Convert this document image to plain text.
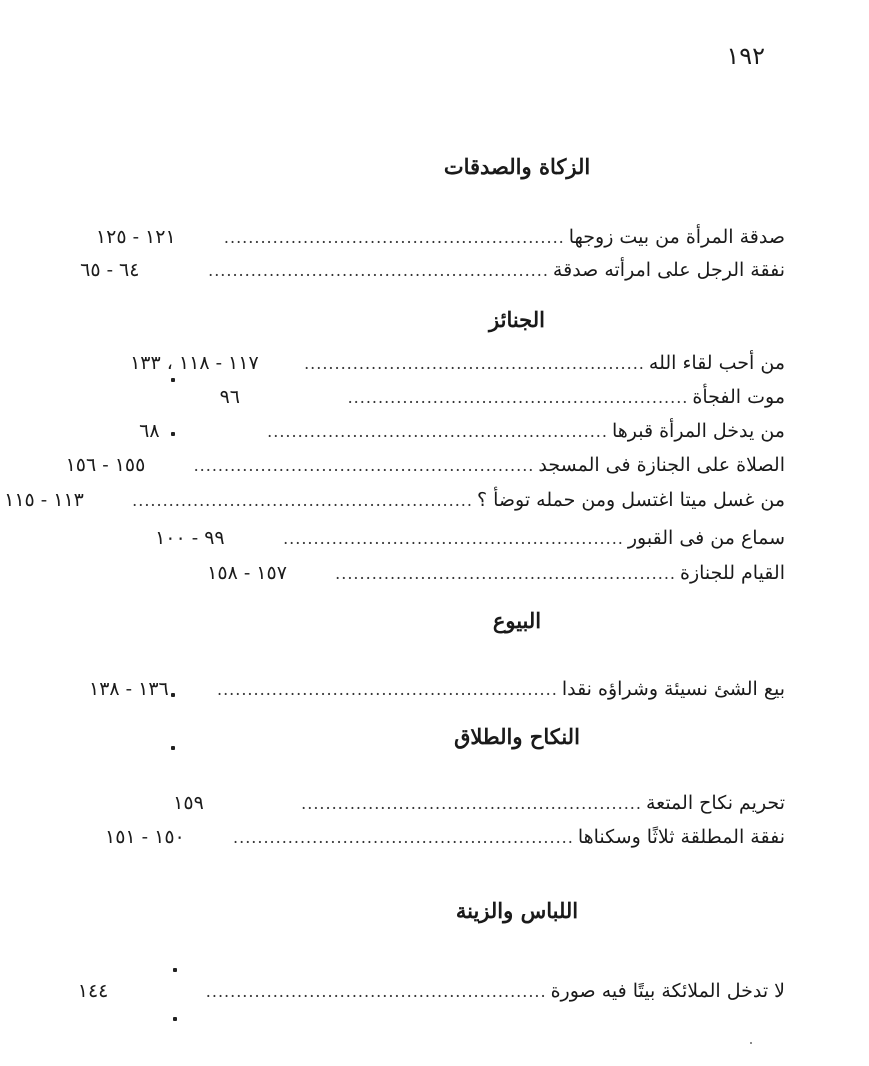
١٩٢
الزكاة والصدقات
صدقة المرأة من بيت زوجها
........................................................
١٢١ - ١٢٥
نفقة الرجل على امرأته صدقة
........................................................
٦٤ - ٦٥
الجنائز
من أحب لقاء الله
........................................................
١١٧ - ١١٨ ، ١٣٣
موت الفجأة
........................................................
٩٦
من يدخل المرأة قبرها
........................................................
٦٨
الصلاة على الجنازة فى المسجد
........................................................
١٥٥ - ١٥٦
من غسل ميتا اغتسل ومن حمله توضأ ؟
........................................................
١١٣ - ١١٥
سماع من فى القبور
........................................................
٩٩ - ١٠٠
القيام للجنازة
........................................................
١٥٧ - ١٥٨
البيوع
بيع الشئ نسيئة وشراؤه نقدا
........................................................
١٣٦ - ١٣٨
النكاح والطلاق
تحريم نكاح المتعة
........................................................
١٥٩
نفقة المطلقة ثلاثًا وسكناها
........................................................
١٥٠ - ١٥١
اللباس والزينة
لا تدخل الملائكة بيتًا فيه صورة
........................................................
١٤٤
